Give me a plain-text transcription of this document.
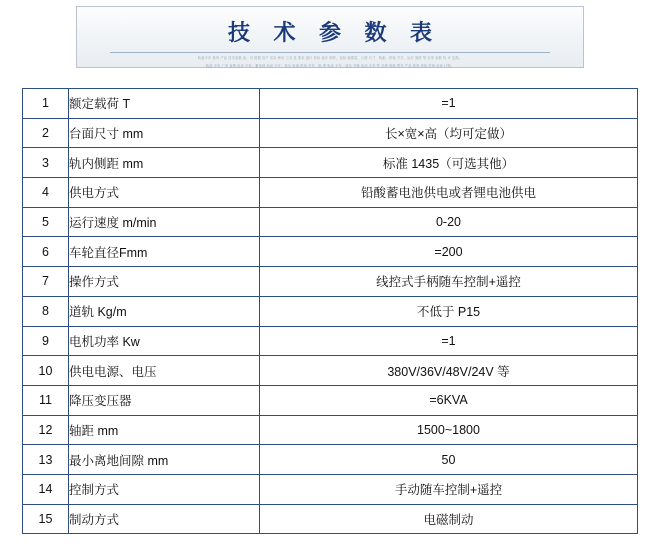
技 术 参 数 表
轨道平车 系列 产品 技术参数 表，可 根据 用户 实际 使用 工况 及 要求 进行 非标 设计 制作，包括 载重量、台面 尺寸、轨距、供电 方式、运行 速度 等 各项 参数 均 可 定做。
轨道 平车 厂家 直销 电动 平车、蓄电池 电动 平车、低压 轨道 供电 平车、拖 缆 电动 平车、液压 升降 电动 平车 等 多种 规格 型号 产品 欢迎 来电 咨询 洽谈 订购。
1	额定载荷 T	=1
2	台面尺寸 mm	长×宽×高（均可定做）
3	轨内侧距 mm	标准 1435（可选其他）
4	供电方式	铅酸蓄电池供电或者锂电池供电
5	运行速度 m/min	0-20
6	车轮直径Fmm	=200
7	操作方式	线控式手柄随车控制+遥控
8	道轨 Kg/m	不低于 P15
9	电机功率 Kw	=1
10	供电电源、电压	380V/36V/48V/24V 等
11	降压变压器	=6KVA
12	轴距 mm	1500~1800
13	最小离地间隙 mm	50
14	控制方式	手动随车控制+遥控
15	制动方式	电磁制动
